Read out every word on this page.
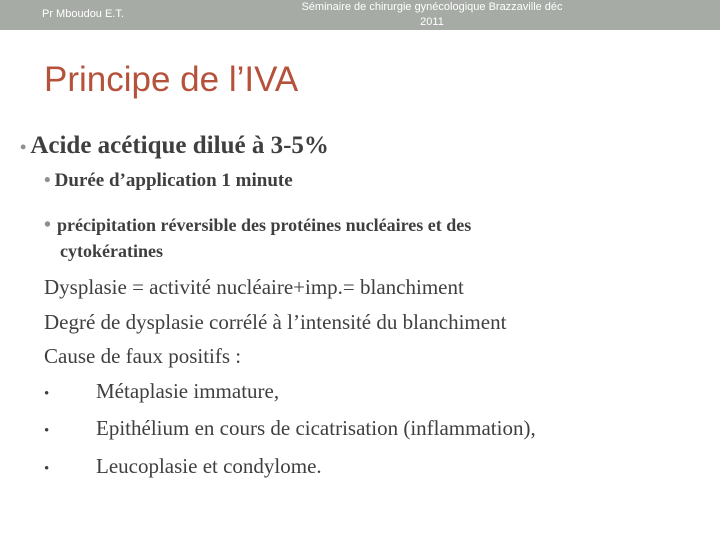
Pr Mboudou E.T.
Séminaire de chirurgie gynécologique Brazzaville déc
2011
Principe de l’IVA
• Acide acétique dilué à 3-5%
• Durée d’application 1 minute
• précipitation réversible des protéines nucléaires et des
cytokératines
Dysplasie = activité nucléaire+imp.= blanchiment
Degré de dysplasie corrélé à l’intensité du blanchiment
Cause de faux positifs :
• Métaplasie immature,
• Epithélium en cours de cicatrisation (inflammation),
• Leucoplasie et condylome.
